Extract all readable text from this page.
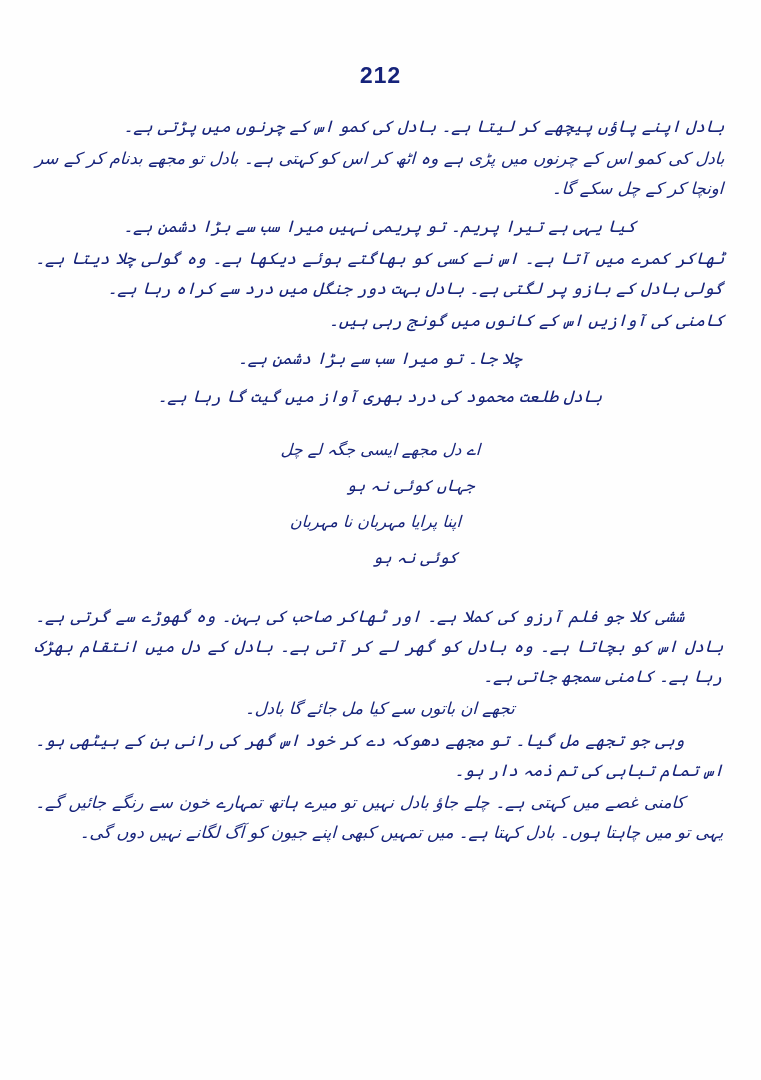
212

بادل اپنے پاؤں پیچھے کر لیتا ہے۔ بادل کی کمو اس کے چرنوں میں پڑتی ہے۔

بادل کی کمو اس کے چرنوں میں پڑی ہے وہ اٹھ کر اس کو کہتی ہے۔ بادل تو مجھے بدنام کر کے سر اونچا کر کے چل سکے گا۔

کیا یہی ہے تیرا پریم۔ تو پریمی نہیں میرا سب سے بڑا دشمن ہے۔

ٹھاکر کمرے میں آتا ہے۔ اس نے کسی کو بھاگتے ہوئے دیکھا ہے۔ وہ گولی چلا دیتا ہے۔ گولی بادل کے بازو پر لگتی ہے۔ بادل بہت دور جنگل میں درد سے کراہ رہا ہے۔

کامنی کی آوازیں اس کے کانوں میں گونج رہی ہیں۔

چلا جا۔ تو میرا سب سے بڑا دشمن ہے۔

بادل طلعت محمود کی درد بھری آواز میں گیت گا رہا ہے۔

اے دل مجھے ایسی جگہ لے چل
جہاں کوئی نہ ہو
اپنا پرایا مہربان نا مہربان
کوئی نہ ہو

ششی کلا جو فلم آرزو کی کملا ہے۔ اور ٹھاکر صاحب کی بہن۔ وہ گھوڑے سے گرتی ہے۔ بادل اس کو بچاتا ہے۔ وہ بادل کو گھر لے کر آتی ہے۔ بادل کے دل میں انتقام بھڑک رہا ہے۔ کامنی سمجھ جاتی ہے۔

تجھے ان باتوں سے کیا مل جائے گا بادل۔

وہی جو تجھے مل گیا۔ تو مجھے دھوکہ دے کر خود اس گھر کی رانی بن کے بیٹھی ہو۔ اس تمام تباہی کی تم ذمہ دار ہو۔

کامنی غصے میں کہتی ہے۔ چلے جاؤ بادل نہیں تو میرے ہاتھ تمہارے خون سے رنگے جائیں گے۔ یہی تو میں چاہتا ہوں۔ بادل کہتا ہے۔ میں تمہیں کبھی اپنے جیون کو آگ لگانے نہیں دوں گی۔
